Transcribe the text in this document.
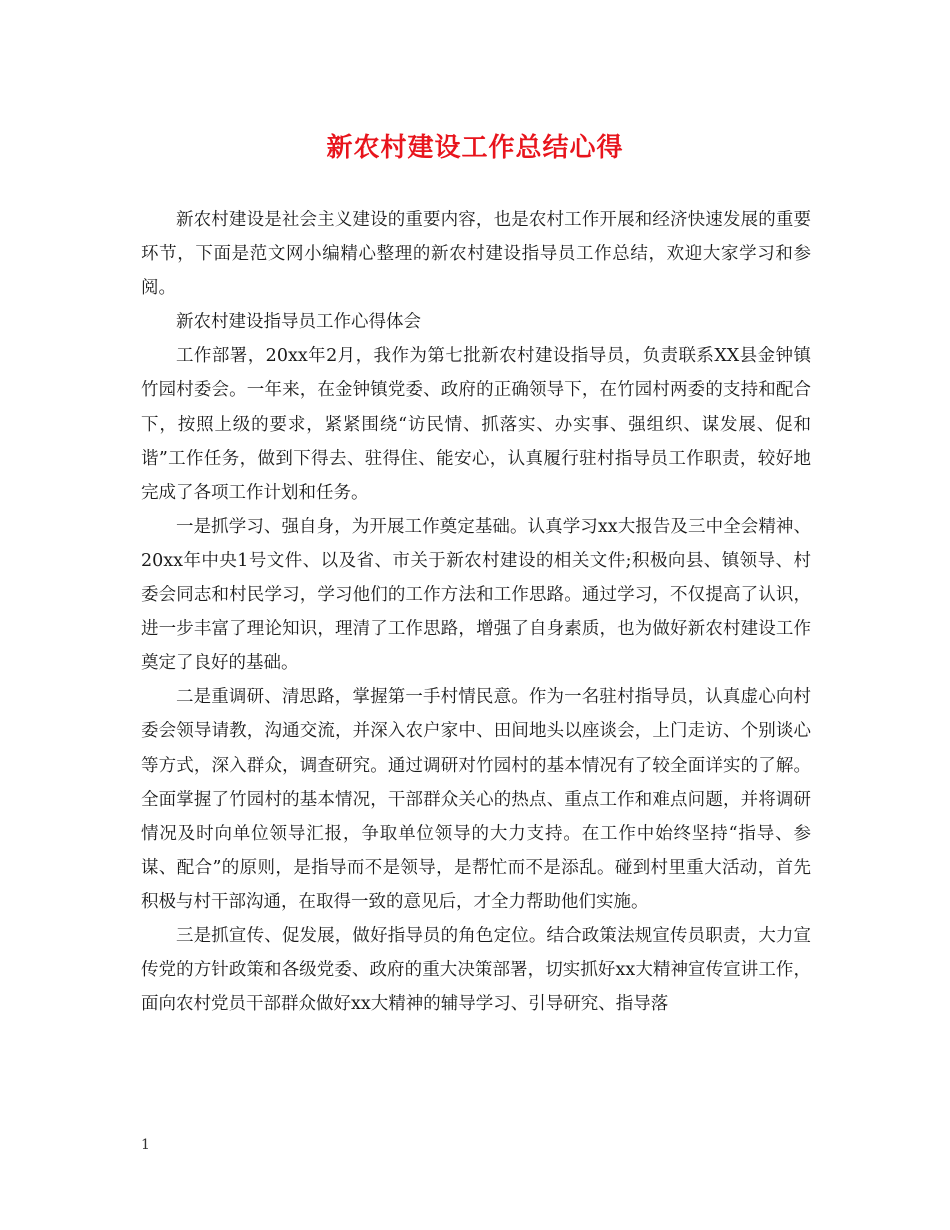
新农村建设工作总结心得

新农村建设是社会主义建设的重要内容，也是农村工作开展和经济快速发展的重要环节，下面是范文网小编精心整理的新农村建设指导员工作总结，欢迎大家学习和参阅。

新农村建设指导员工作心得体会

工作部署，20xx年2月，我作为第七批新农村建设指导员，负责联系XX县金钟镇竹园村委会。一年来，在金钟镇党委、政府的正确领导下，在竹园村两委的支持和配合下，按照上级的要求，紧紧围绕“访民情、抓落实、办实事、强组织、谋发展、促和谐”工作任务，做到下得去、驻得住、能安心，认真履行驻村指导员工作职责，较好地完成了各项工作计划和任务。

一是抓学习、强自身，为开展工作奠定基础。认真学习xx大报告及三中全会精神、20xx年中央1号文件、以及省、市关于新农村建设的相关文件;积极向县、镇领导、村委会同志和村民学习，学习他们的工作方法和工作思路。通过学习，不仅提高了认识，进一步丰富了理论知识，理清了工作思路，增强了自身素质，也为做好新农村建设工作奠定了良好的基础。

二是重调研、清思路，掌握第一手村情民意。作为一名驻村指导员，认真虚心向村委会领导请教，沟通交流，并深入农户家中、田间地头以座谈会，上门走访、个别谈心等方式，深入群众，调查研究。通过调研对竹园村的基本情况有了较全面详实的了解。全面掌握了竹园村的基本情况，干部群众关心的热点、重点工作和难点问题，并将调研情况及时向单位领导汇报，争取单位领导的大力支持。在工作中始终坚持“指导、参谋、配合”的原则，是指导而不是领导，是帮忙而不是添乱。碰到村里重大活动，首先积极与村干部沟通，在取得一致的意见后，才全力帮助他们实施。

三是抓宣传、促发展，做好指导员的角色定位。结合政策法规宣传员职责，大力宣传党的方针政策和各级党委、政府的重大决策部署，切实抓好xx大精神宣传宣讲工作，面向农村党员干部群众做好xx大精神的辅导学习、引导研究、指导落

1
